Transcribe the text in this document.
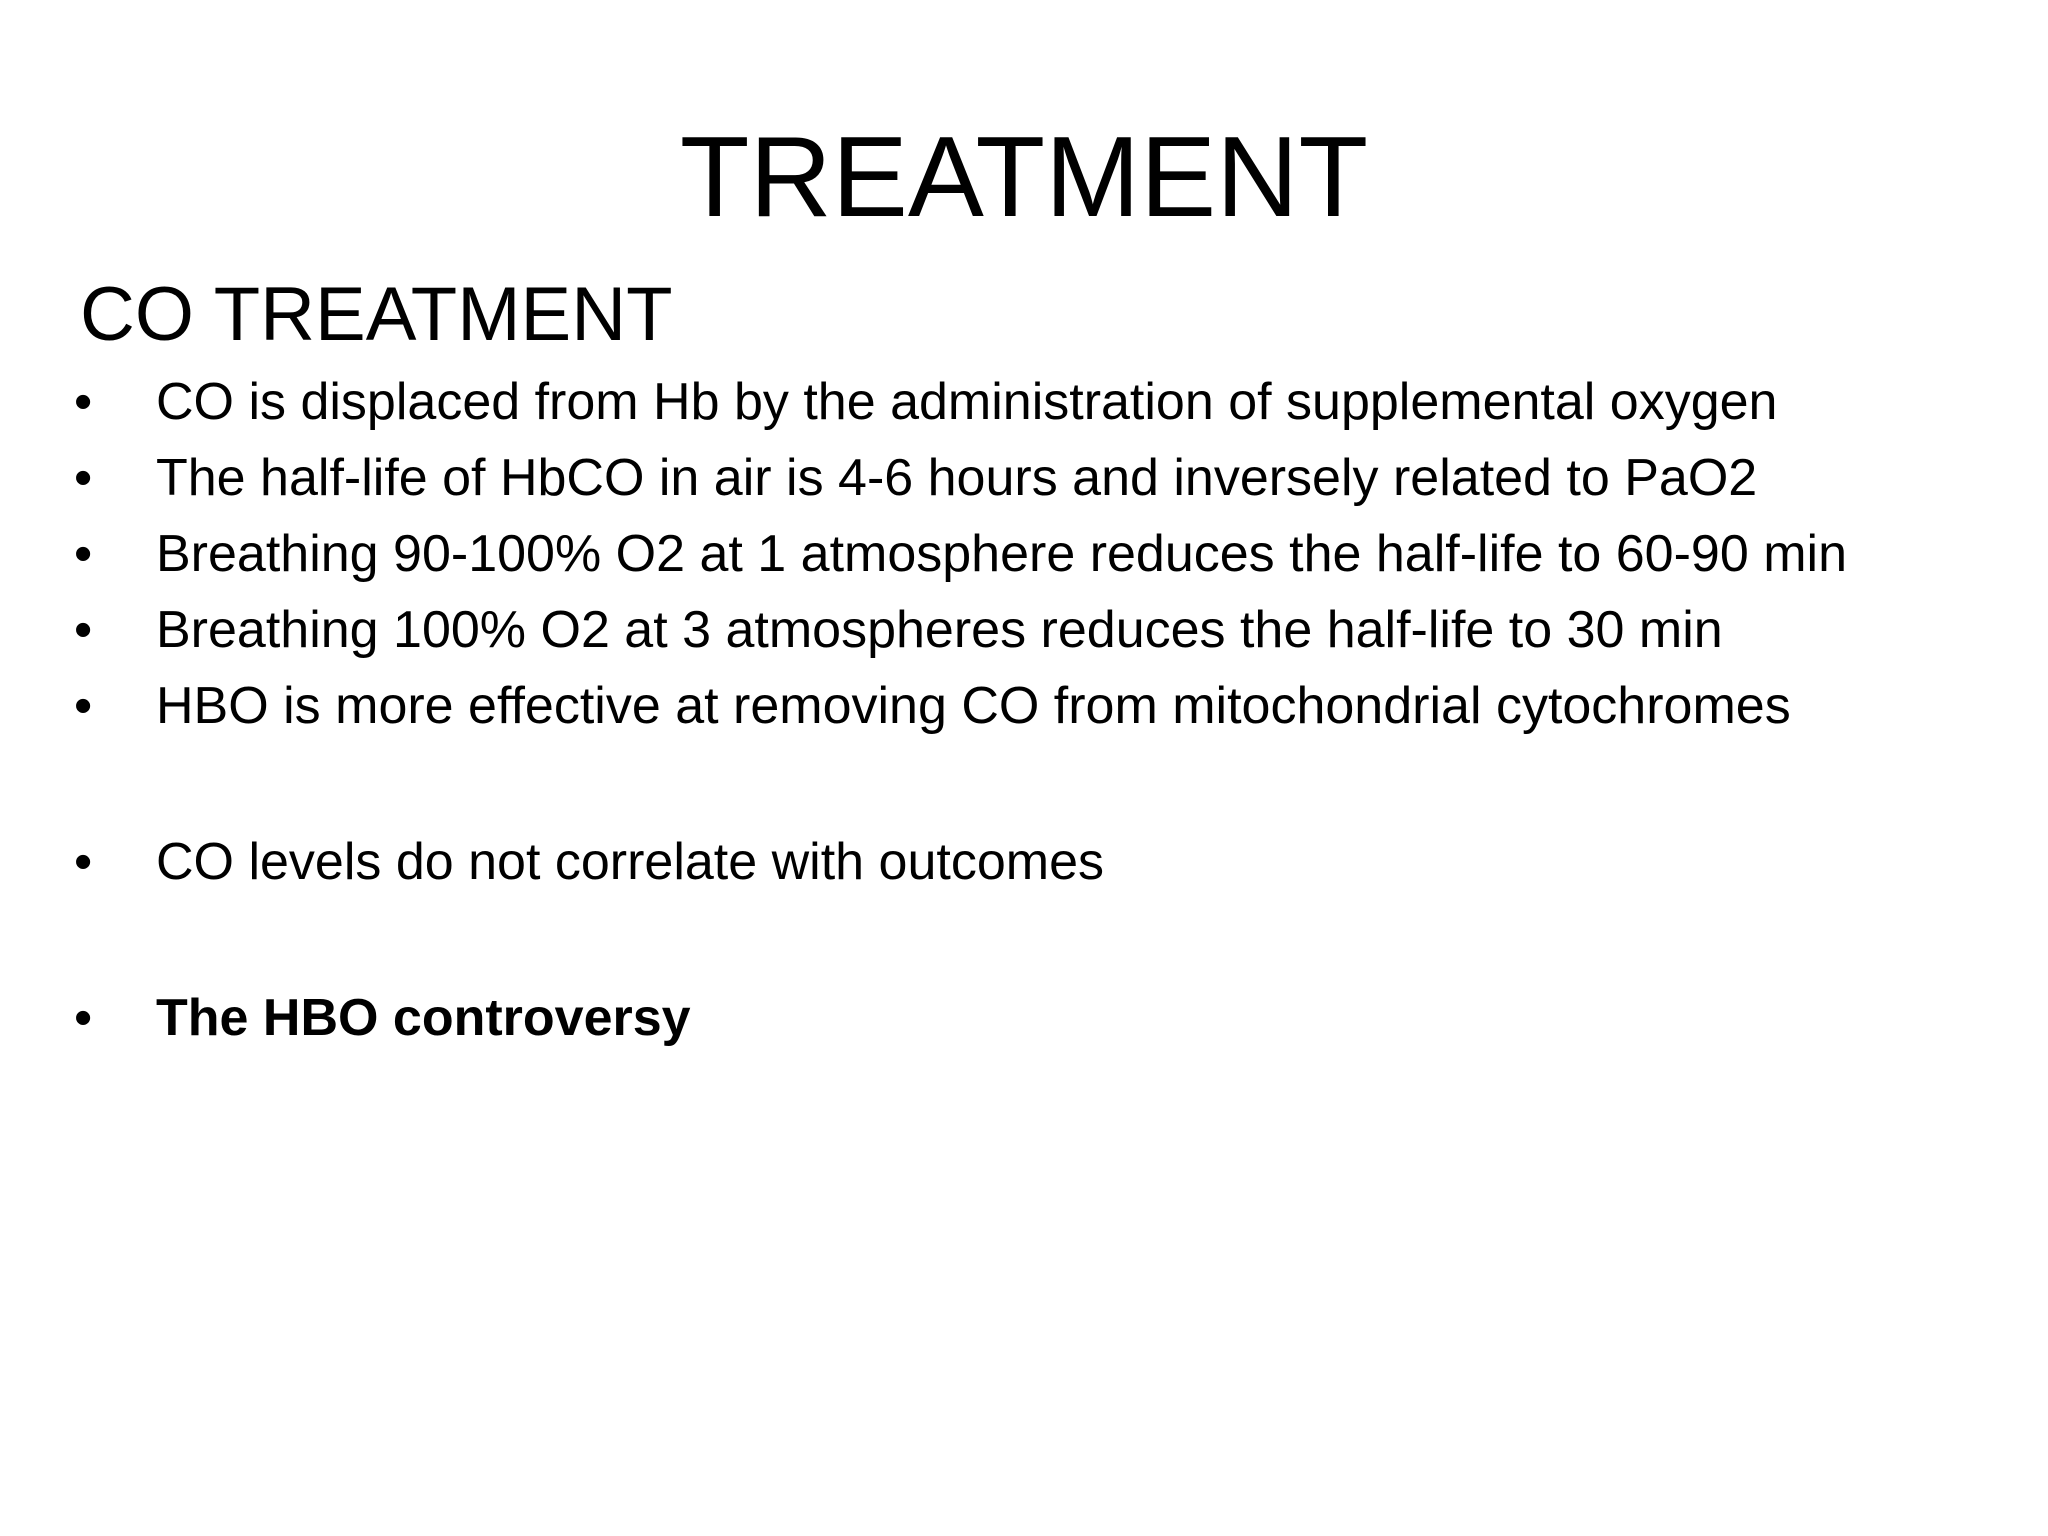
TREATMENT
CO TREATMENT
•	CO is displaced from Hb by the administration of supplemental oxygen
•	The half-life of HbCO in air is 4-6 hours and inversely related to PaO2
•	Breathing 90-100% O2 at 1 atmosphere reduces the half-life to 60-90 min
•	Breathing 100% O2 at 3 atmospheres reduces the half-life to 30 min
•	HBO is more effective at removing CO from mitochondrial cytochromes
•	CO levels do not correlate with outcomes
•	The HBO controversy
